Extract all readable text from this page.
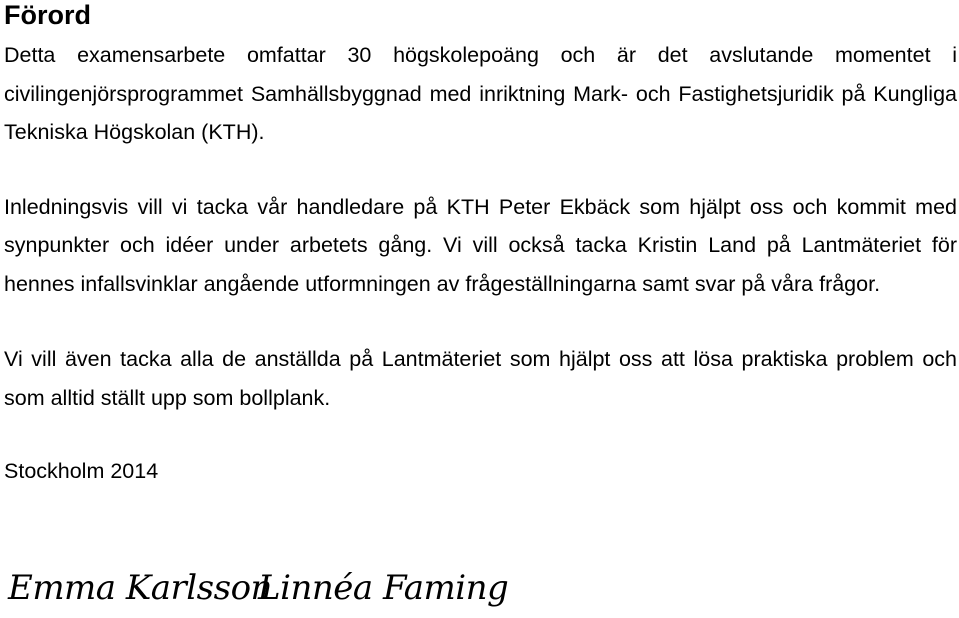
Förord

Detta examensarbete omfattar 30 högskolepoäng och är det avslutande momentet i civilingenjörsprogrammet Samhällsbyggnad med inriktning Mark- och Fastighetsjuridik på Kungliga Tekniska Högskolan (KTH).

Inledningsvis vill vi tacka vår handledare på KTH Peter Ekbäck som hjälpt oss och kommit med synpunkter och idéer under arbetets gång. Vi vill också tacka Kristin Land på Lantmäteriet för hennes infallsvinklar angående utformningen av frågeställningarna samt svar på våra frågor.

Vi vill även tacka alla de anställda på Lantmäteriet som hjälpt oss att lösa praktiska problem och som alltid ställt upp som bollplank.

Stockholm 2014
Emma Karlsson
Linnéa Faming
